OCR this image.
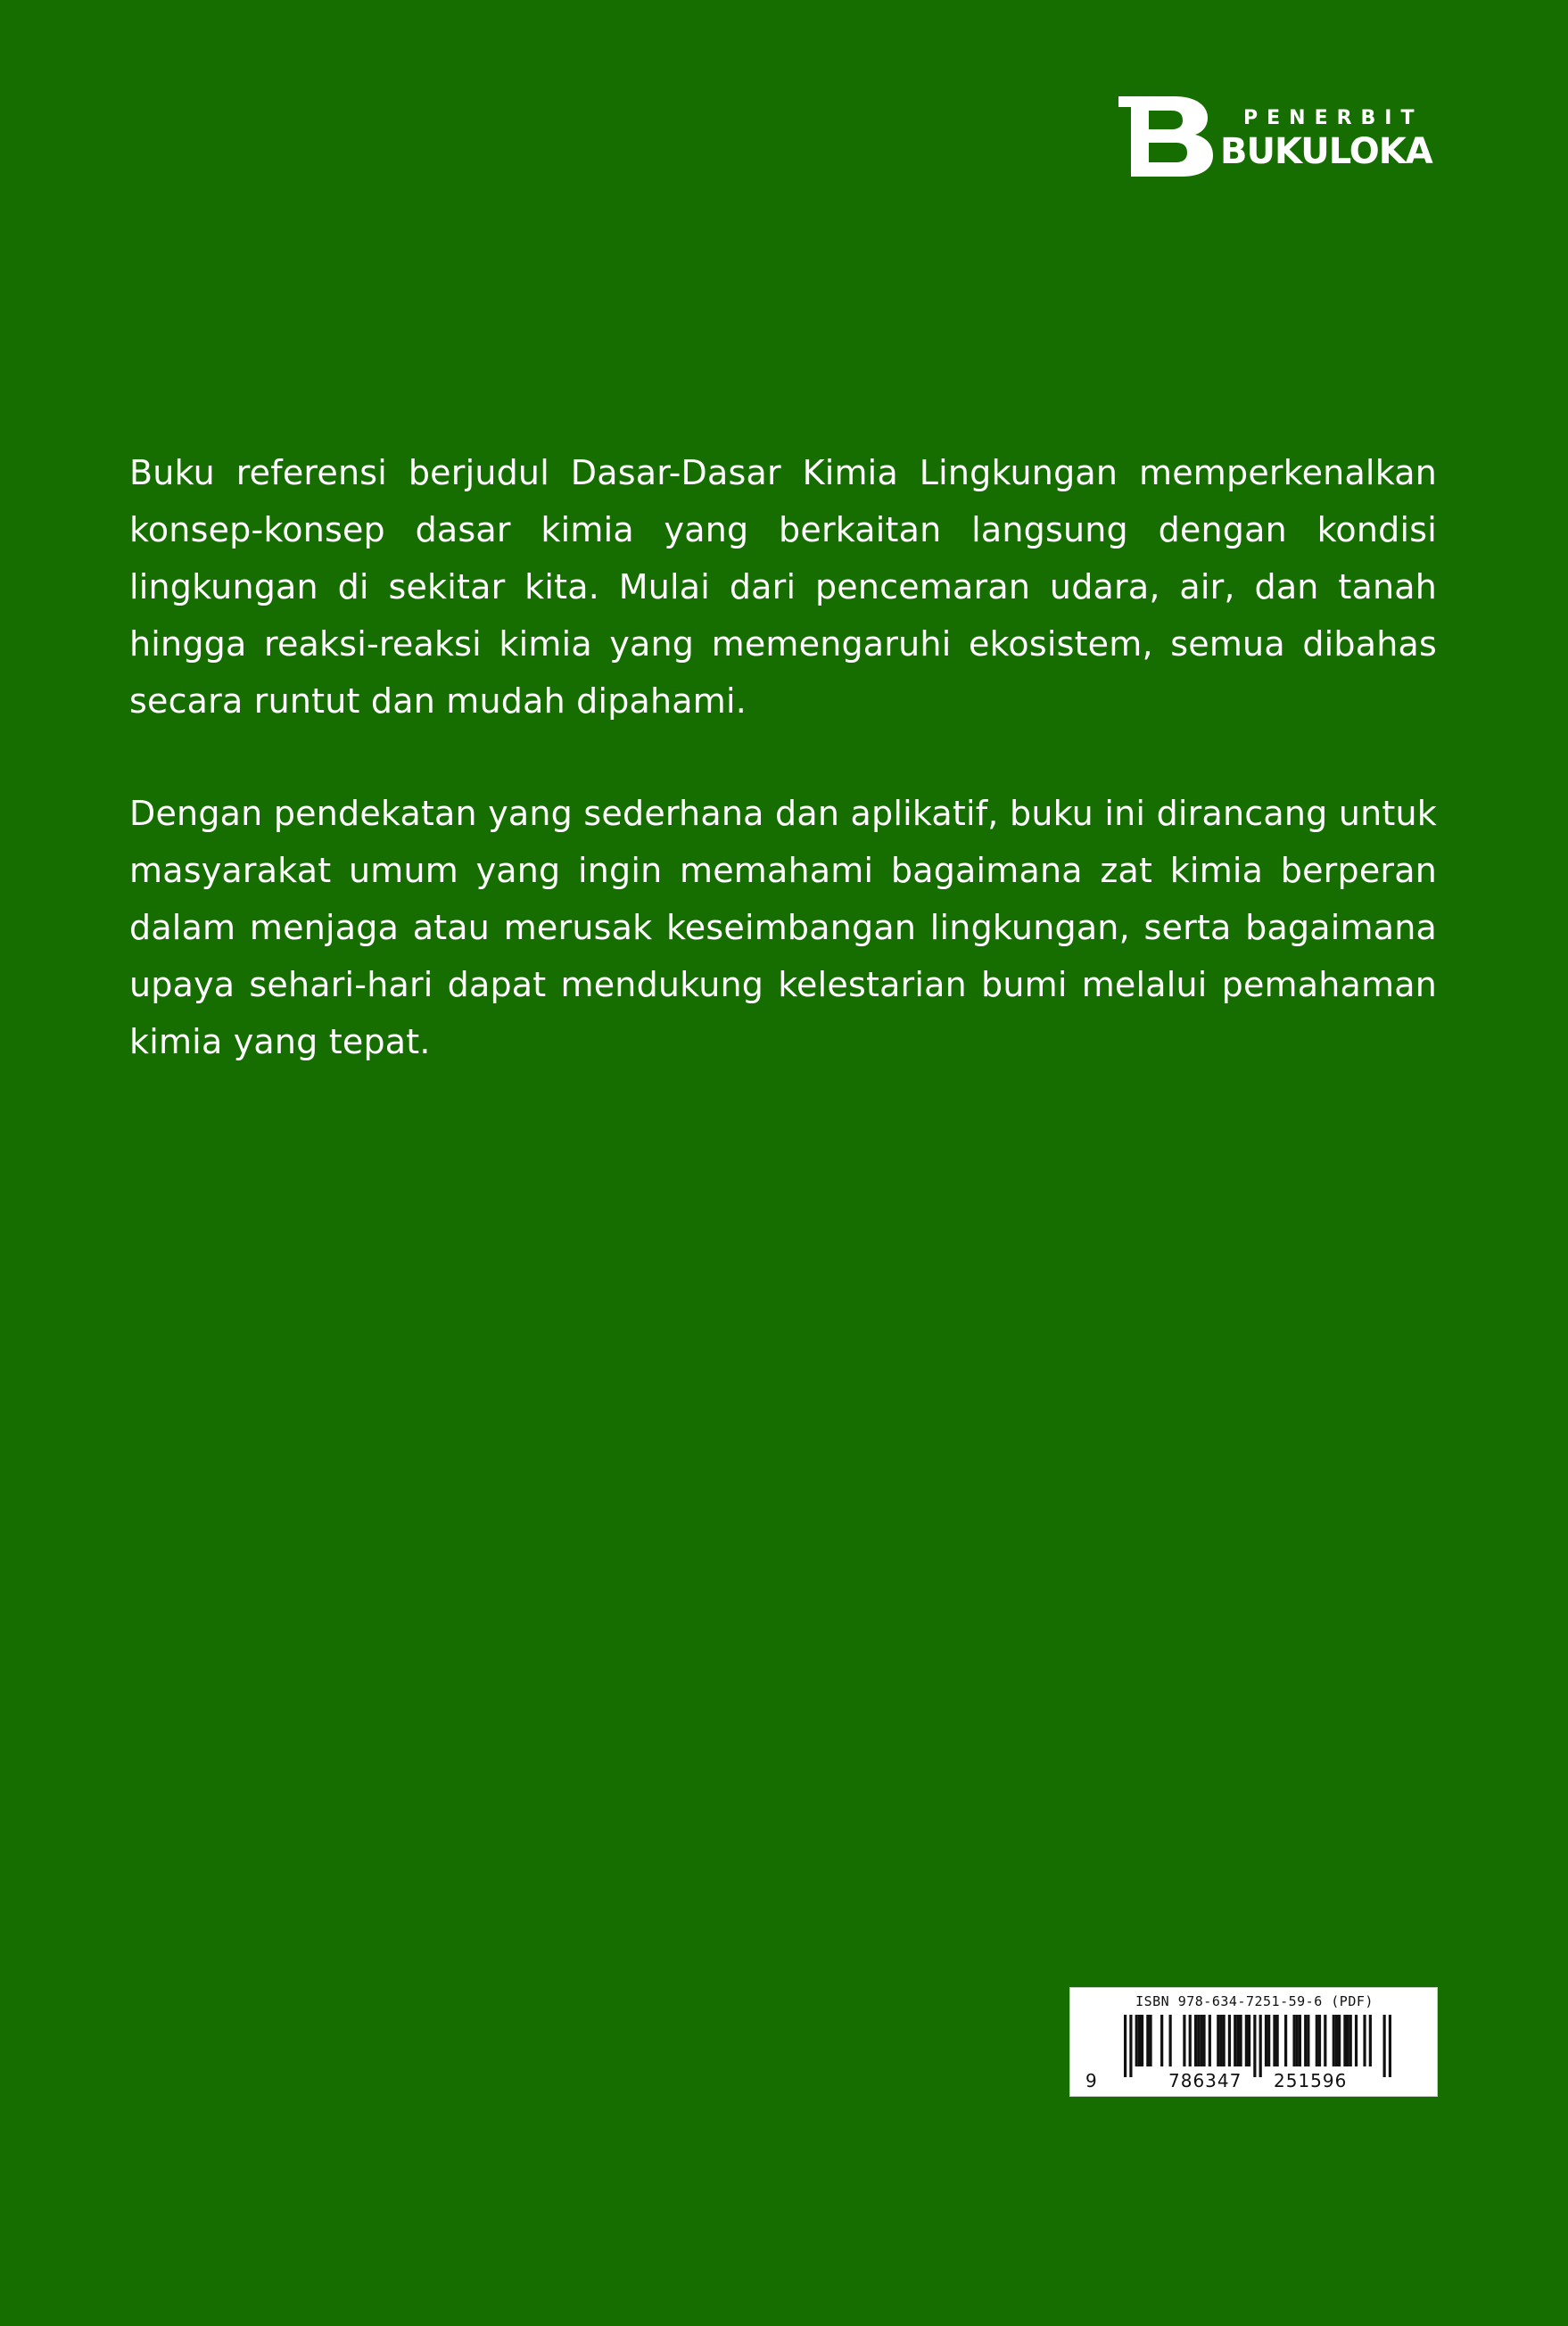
PENERBIT
BUKULOKA

Buku referensi berjudul Dasar-Dasar Kimia Lingkungan memperkenalkan konsep-konsep dasar kimia yang berkaitan langsung dengan kondisi lingkungan di sekitar kita. Mulai dari pencemaran udara, air, dan tanah hingga reaksi-reaksi kimia yang memengaruhi ekosistem, semua dibahas secara runtut dan mudah dipahami.

Dengan pendekatan yang sederhana dan aplikatif, buku ini dirancang untuk masyarakat umum yang ingin memahami bagaimana zat kimia berperan dalam menjaga atau merusak keseimbangan lingkungan, serta bagaimana upaya sehari-hari dapat mendukung kelestarian bumi melalui pemahaman kimia yang tepat.

ISBN 978-634-7251-59-6 (PDF)
9	786347 251596
